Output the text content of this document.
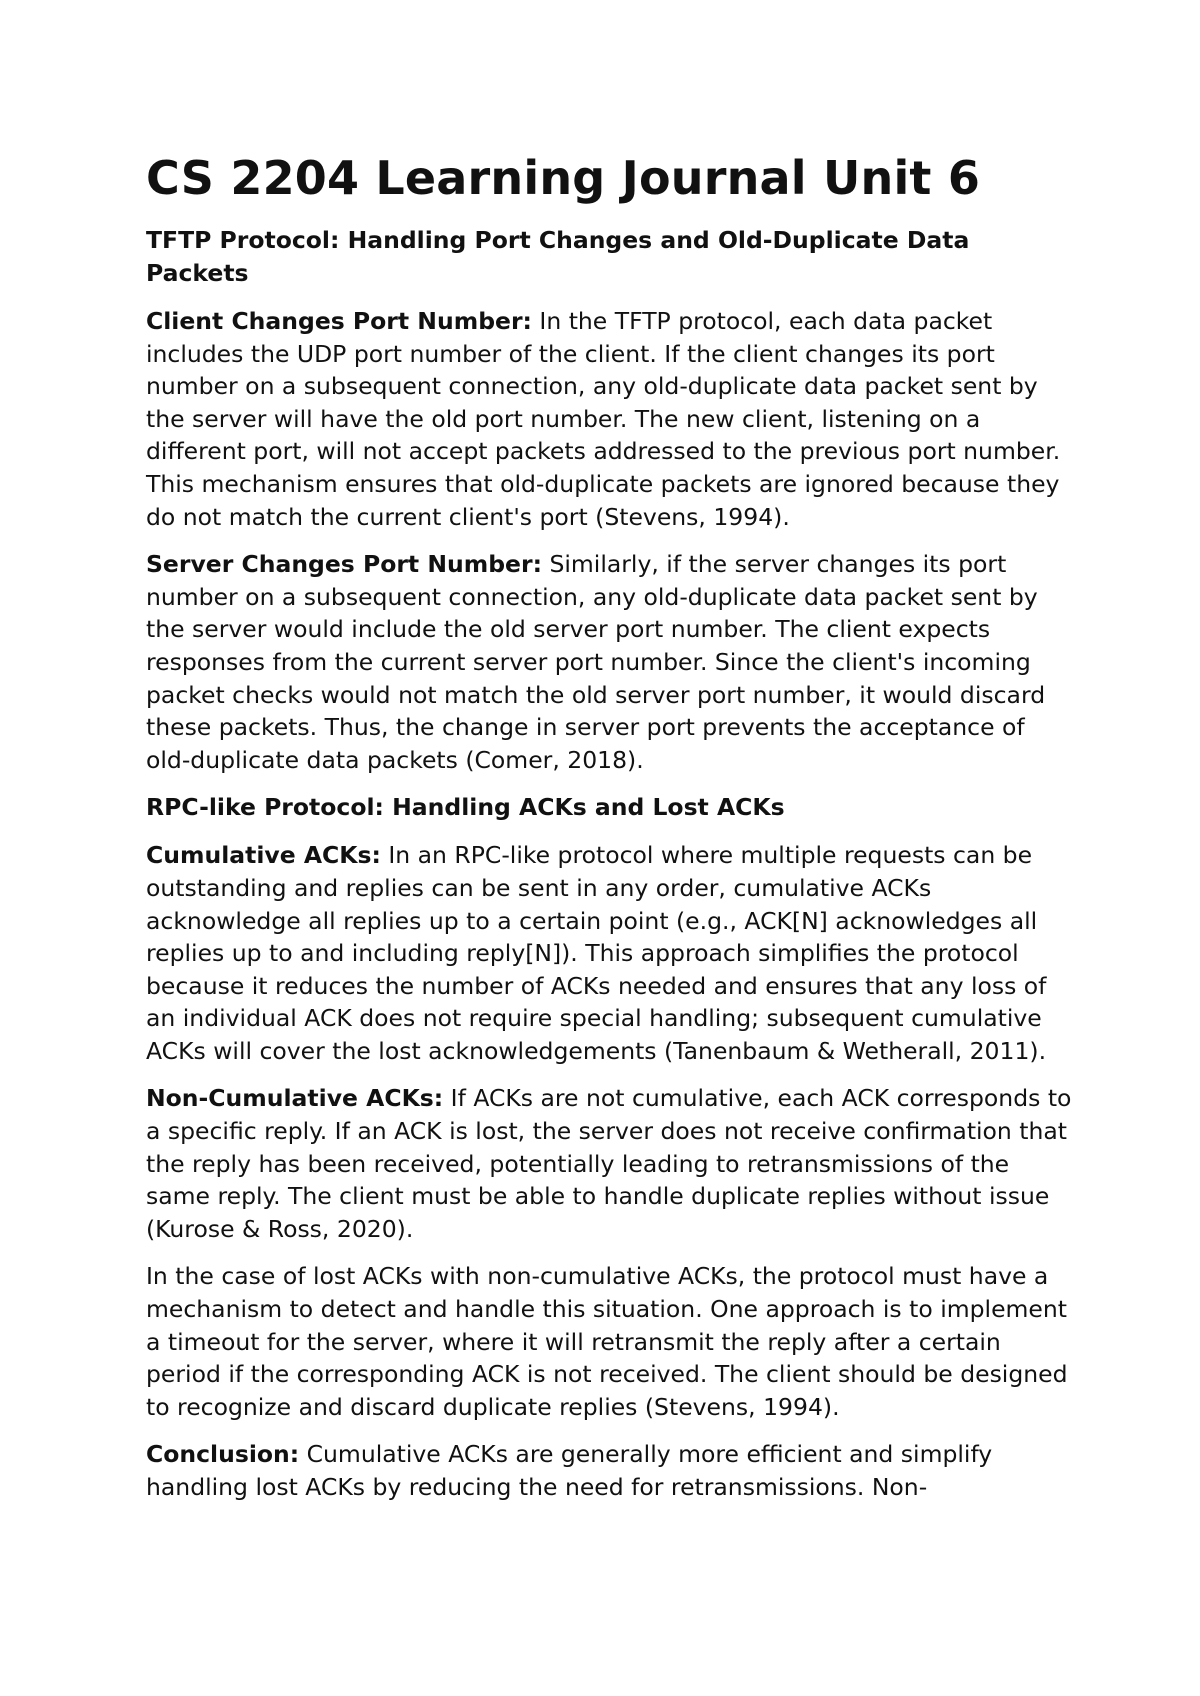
CS 2204 Learning Journal Unit 6
TFTP Protocol: Handling Port Changes and Old-Duplicate Data Packets

Client Changes Port Number: In the TFTP protocol, each data packet includes the UDP port number of the client. If the client changes its port number on a subsequent connection, any old-duplicate data packet sent by the server will have the old port number. The new client, listening on a different port, will not accept packets addressed to the previous port number. This mechanism ensures that old-duplicate packets are ignored because they do not match the current client's port (Stevens, 1994).

Server Changes Port Number: Similarly, if the server changes its port number on a subsequent connection, any old-duplicate data packet sent by the server would include the old server port number. The client expects responses from the current server port number. Since the client's incoming packet checks would not match the old server port number, it would discard these packets. Thus, the change in server port prevents the acceptance of old-duplicate data packets (Comer, 2018).

RPC-like Protocol: Handling ACKs and Lost ACKs

Cumulative ACKs: In an RPC-like protocol where multiple requests can be outstanding and replies can be sent in any order, cumulative ACKs acknowledge all replies up to a certain point (e.g., ACK[N] acknowledges all replies up to and including reply[N]). This approach simplifies the protocol because it reduces the number of ACKs needed and ensures that any loss of an individual ACK does not require special handling; subsequent cumulative ACKs will cover the lost acknowledgements (Tanenbaum & Wetherall, 2011).

Non-Cumulative ACKs: If ACKs are not cumulative, each ACK corresponds to a specific reply. If an ACK is lost, the server does not receive confirmation that the reply has been received, potentially leading to retransmissions of the same reply. The client must be able to handle duplicate replies without issue (Kurose & Ross, 2020).

In the case of lost ACKs with non-cumulative ACKs, the protocol must have a mechanism to detect and handle this situation. One approach is to implement a timeout for the server, where it will retransmit the reply after a certain period if the corresponding ACK is not received. The client should be designed to recognize and discard duplicate replies (Stevens, 1994).

Conclusion: Cumulative ACKs are generally more efficient and simplify handling lost ACKs by reducing the need for retransmissions. Non-
